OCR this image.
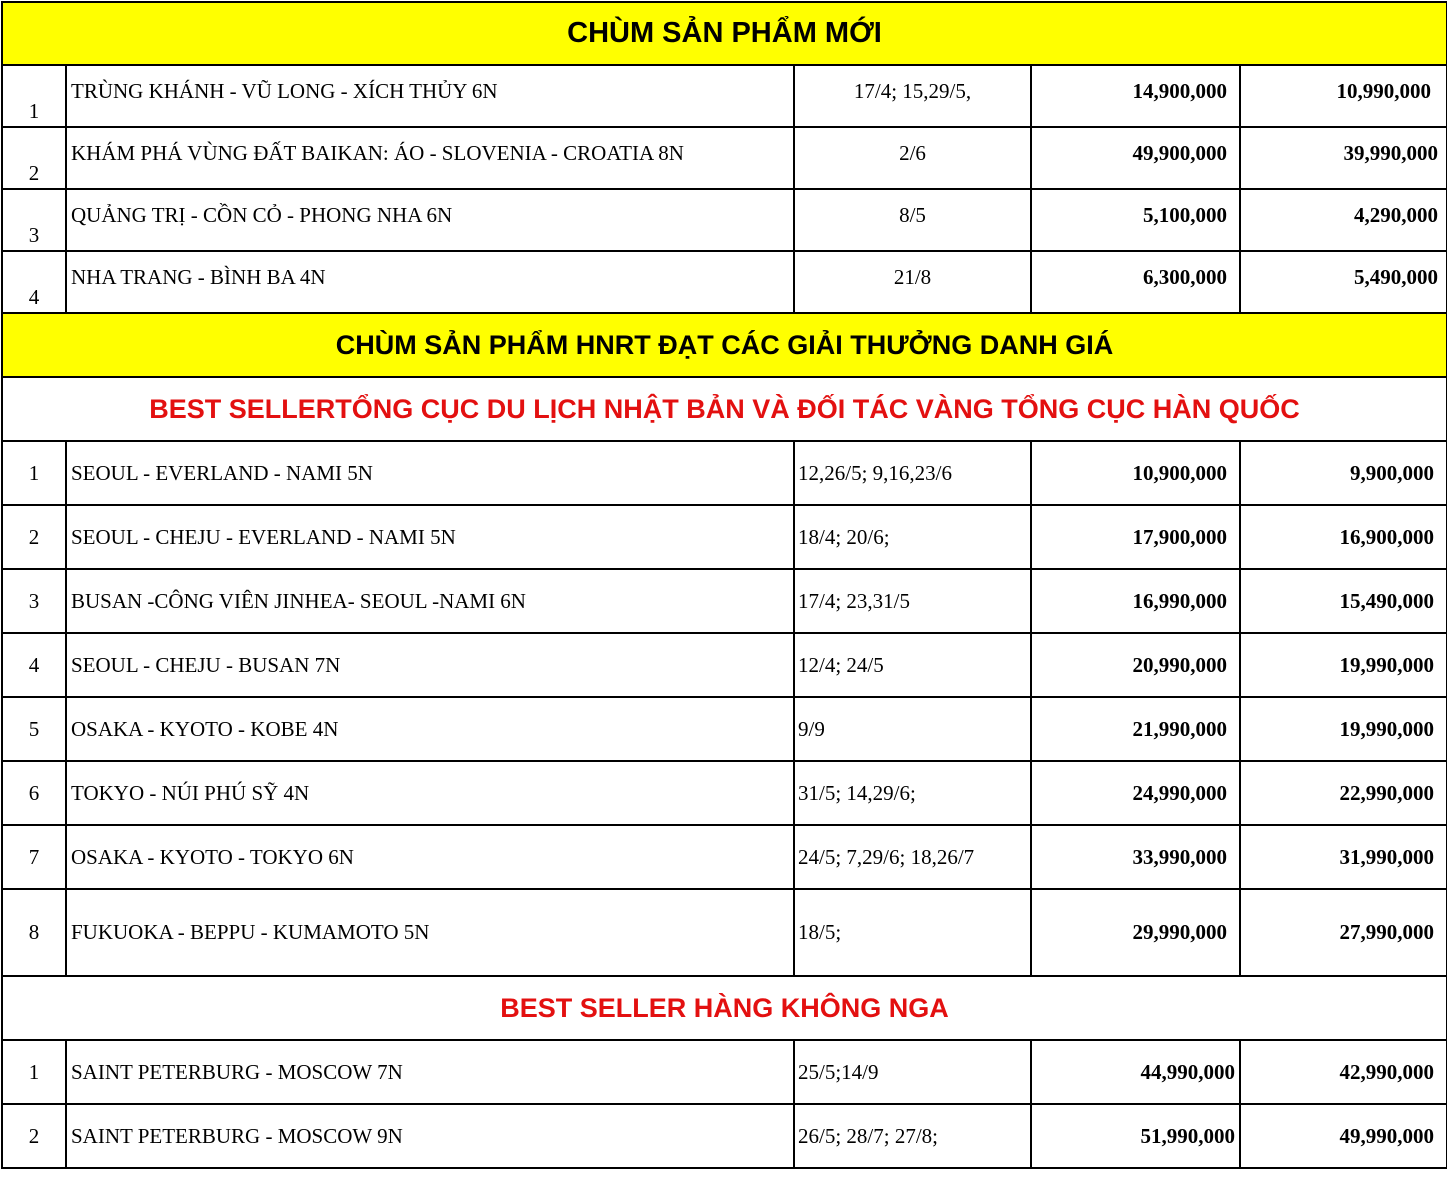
CHÙM SẢN PHẨM MỚI				
1	TRÙNG KHÁNH - VŨ LONG - XÍCH THỦY 6N	17/4; 15,29/5,	14,900,000	10,990,000
2	KHÁM PHÁ VÙNG ĐẤT BAIKAN: ÁO - SLOVENIA - CROATIA 8N	2/6	49,900,000	39,990,000
3	QUẢNG TRỊ - CỒN CỎ - PHONG NHA 6N	8/5	5,100,000	4,290,000
4	NHA TRANG - BÌNH BA 4N	21/8	6,300,000	5,490,000
CHÙM SẢN PHẨM HNRT ĐẠT CÁC GIẢI THƯỞNG DANH GIÁ				
BEST SELLERTỔNG CỤC DU LỊCH NHẬT BẢN VÀ ĐỐI TÁC VÀNG TỔNG CỤC HÀN QUỐC				
1	SEOUL - EVERLAND - NAMI 5N	12,26/5; 9,16,23/6	10,900,000	9,900,000
2	SEOUL - CHEJU - EVERLAND - NAMI 5N	18/4; 20/6;	17,900,000	16,900,000
3	BUSAN -CÔNG VIÊN JINHEA- SEOUL -NAMI 6N	17/4; 23,31/5	16,990,000	15,490,000
4	SEOUL - CHEJU - BUSAN 7N	12/4; 24/5	20,990,000	19,990,000
5	OSAKA - KYOTO - KOBE 4N	9/9	21,990,000	19,990,000
6	TOKYO - NÚI PHÚ SỸ 4N	31/5; 14,29/6;	24,990,000	22,990,000
7	OSAKA - KYOTO - TOKYO 6N	24/5; 7,29/6; 18,26/7	33,990,000	31,990,000
8	FUKUOKA - BEPPU - KUMAMOTO 5N	18/5;	29,990,000	27,990,000
BEST SELLER HÀNG KHÔNG NGA				
1	SAINT PETERBURG - MOSCOW 7N	25/5;14/9	44,990,000	42,990,000
2	SAINT PETERBURG - MOSCOW 9N	26/5; 28/7; 27/8;	51,990,000	49,990,000
